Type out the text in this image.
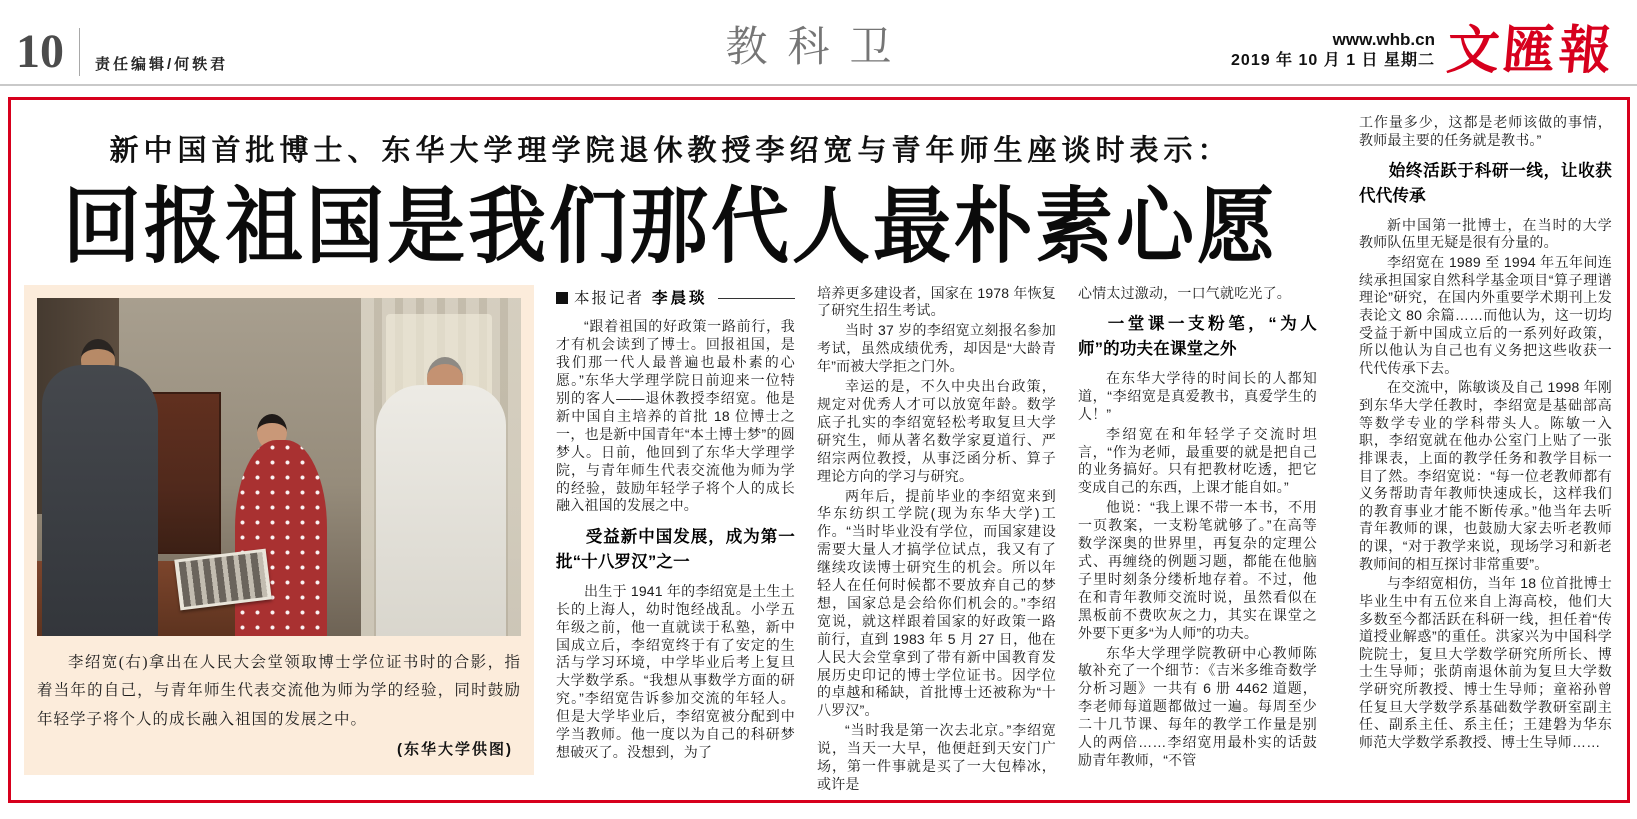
10 责任编辑/何轶君	教科卫	www.whb.cn
2019 年 10 月 1 日 星期二 文匯報
新中国首批博士、东华大学理学院退休教授李绍宽与青年师生座谈时表示：
回报祖国是我们那代人最朴素心愿
李绍宽(右)拿出在人民大会堂领取博士学位证书时的合影，指着当年的自己，与青年师生代表交流他为师为学的经验，同时鼓励年轻学子将个人的成长融入祖国的发展之中。
(东华大学供图)
本报记者 李晨琰

“跟着祖国的好政策一路前行，我才有机会读到了博士。回报祖国，是我们那一代人最普遍也最朴素的心愿。”东华大学理学院日前迎来一位特别的客人——退休教授李绍宽。他是新中国自主培养的首批 18 位博士之一，也是新中国青年“本土博士梦”的圆梦人。日前，他回到了东华大学理学院，与青年师生代表交流他为师为学的经验，鼓励年轻学子将个人的成长融入祖国的发展之中。

受益新中国发展，成为第一批“十八罗汉”之一

出生于 1941 年的李绍宽是土生土长的上海人，幼时饱经战乱。小学五年级之前，他一直就读于私塾，新中国成立后，李绍宽终于有了安定的生活与学习环境，中学毕业后考上复旦大学数学系。“我想从事数学方面的研究。”李绍宽告诉参加交流的年轻人。但是大学毕业后，李绍宽被分配到中学当教师。他一度以为自己的科研梦想破灭了。没想到，为了

培养更多建设者，国家在 1978 年恢复了研究生招生考试。

当时 37 岁的李绍宽立刻报名参加考试，虽然成绩优秀，却因是“大龄青年”而被大学拒之门外。

幸运的是，不久中央出台政策，规定对优秀人才可以放宽年龄。数学底子扎实的李绍宽轻松考取复旦大学研究生，师从著名数学家夏道行、严绍宗两位教授，从事泛函分析、算子理论方向的学习与研究。

两年后，提前毕业的李绍宽来到华东纺织工学院(现为东华大学)工作。“当时毕业没有学位，而国家建设需要大量人才搞学位试点，我又有了继续攻读博士研究生的机会。所以年轻人在任何时候都不要放弃自己的梦想，国家总是会给你们机会的。”李绍宽说，就这样跟着国家的好政策一路前行，直到 1983 年 5 月 27 日，他在人民大会堂拿到了带有新中国教育发展历史印记的博士学位证书。因学位的卓越和稀缺，首批博士还被称为“十八罗汉”。

“当时我是第一次去北京。”李绍宽说，当天一大早，他便赶到天安门广场，第一件事就是买了一大包棒冰，或许是

心情太过激动，一口气就吃光了。

一堂课一支粉笔，“为人师”的功夫在课堂之外

在东华大学待的时间长的人都知道，“李绍宽是真爱教书，真爱学生的人！”

李绍宽在和年轻学子交流时坦言，“作为老师，最重要的就是把自己的业务搞好。只有把教材吃透，把它变成自己的东西，上课才能自如。”

他说：“我上课不带一本书，不用一页教案，一支粉笔就够了。”在高等数学深奥的世界里，再复杂的定理公式、再缠绕的例题习题，都能在他脑子里时刻条分缕析地存着。不过，他在和青年教师交流时说，虽然看似在黑板前不费吹灰之力，其实在课堂之外要下更多“为人师”的功夫。

东华大学理学院教研中心教师陈敏补充了一个细节：《吉米多维奇数学分析习题》一共有 6 册 4462 道题，李老师每道题都做过一遍。每周至少二十几节课、每年的教学工作量是别人的两倍……李绍宽用最朴实的话鼓励青年教师，“不管

工作量多少，这都是老师该做的事情，教师最主要的任务就是教书。”

始终活跃于科研一线，让收获代代传承

新中国第一批博士，在当时的大学教师队伍里无疑是很有分量的。

李绍宽在 1989 至 1994 年五年间连续承担国家自然科学基金项目“算子理谱理论”研究，在国内外重要学术期刊上发表论文 80 余篇……而他认为，这一切均受益于新中国成立后的一系列好政策，所以他认为自己也有义务把这些收获一代代传承下去。

在交流中，陈敏谈及自己 1998 年刚到东华大学任教时，李绍宽是基础部高等数学专业的学科带头人。陈敏一入职，李绍宽就在他办公室门上贴了一张排课表，上面的教学任务和教学目标一目了然。李绍宽说：“每一位老教师都有义务帮助青年教师快速成长，这样我们的教育事业才能不断传承。”他当年去听青年教师的课，也鼓励大家去听老教师的课，“对于教学来说，现场学习和新老教师间的相互探讨非常重要”。

与李绍宽相仿，当年 18 位首批博士毕业生中有五位来自上海高校，他们大多数至今都活跃在科研一线，担任着“传道授业解惑”的重任。洪家兴为中国科学院院士，复旦大学数学研究所所长、博士生导师；张荫南退休前为复旦大学数学研究所教授、博士生导师；童裕孙曾任复旦大学数学系基础数学教研室副主任、副系主任、系主任；王建磐为华东师范大学数学系教授、博士生导师……
